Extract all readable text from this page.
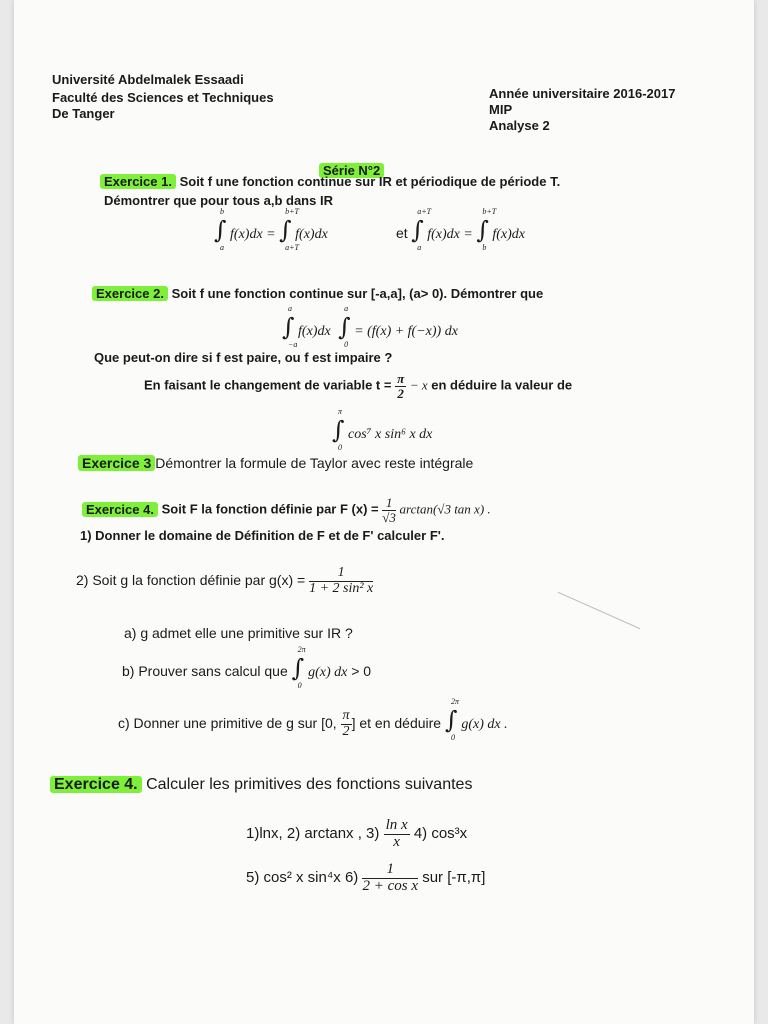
Université Abdelmalek Essaadi
Faculté des Sciences et Techniques
De Tanger
Année universitaire 2016-2017
MIP
Analyse 2
Série N°2
Exercice 1. Soit f une fonction continue sur IR et périodique de période T.
Démontrer que pour tous a,b dans IR
∫
b
a
f(x)dx = ∫
b+T
a+T
f(x)dx	et ∫
a+T
a
f(x)dx = ∫
b+T
b
f(x)dx
Exercice 2. Soit f une fonction continue sur [-a,a], (a> 0). Démontrer que
∫
a
−a
f(x)dx ∫
a
0
= (f(x) + f(−x)) dx
Que peut-on dire si f est paire, ou f est impaire ?
En faisant le changement de variable $t = \frac{\pi}{2} - x$ en déduire la valeur de
∫
π
0
cos⁷ x sin⁶ x dx
Exercice 3 Démontrer la formule de Taylor avec reste intégrale
Exercice 4. Soit F la fonction définie par F $(x) = \frac{1}{√3} \arctan(√3$ tan x) .
1) Donner le domaine de Définition de F et de F' calculer F'.
2) Soit g la fonction définie par $g(x) = \frac{1}{\text{1 + 2 sin² x}}$
a) g admet elle une primitive sur IR ?
b) Prouver sans calcul que ∫
2π
0
g(x) dx > 0
c) Donner une primitive de g sur [0, $\frac{\pi}{2}$ ] et en déduire ∫
2π
0
g(x) dx .
Exercice 4. Calculer les primitives des fonctions suivantes
1)lnx, 2) arctanx , $3) \frac{\text{ln x}}{x} 4$) cos³x
5) cos² x sin⁴x $6) \frac{1}{\text{2 + cos x}}$ sur [-π,π]
